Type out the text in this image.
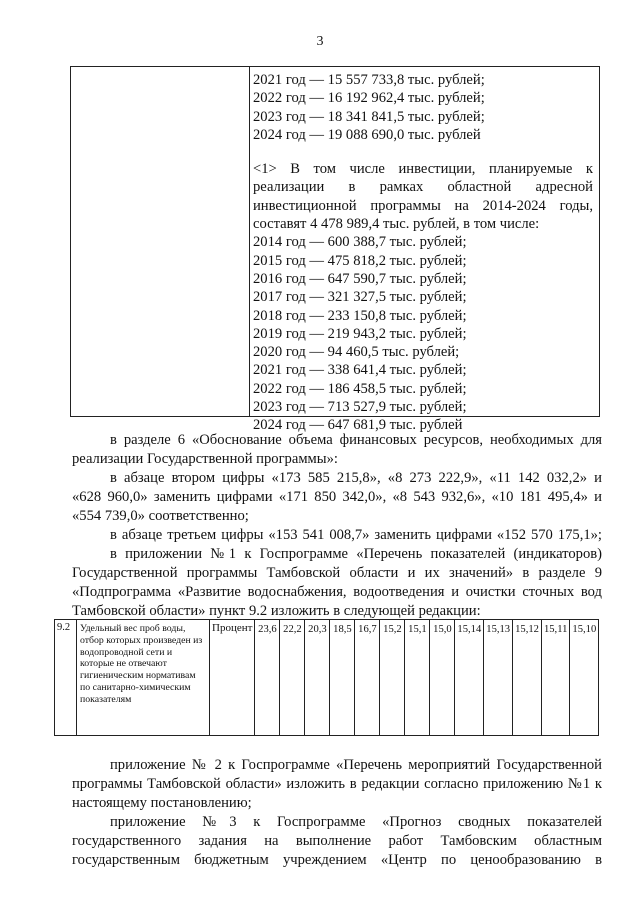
3
2021 год — 15 557 733,8 тыс. рублей;
2022 год — 16 192 962,4 тыс. рублей;
2023 год — 18 341 841,5 тыс. рублей;
2024 год — 19 088 690,0 тыс. рублей
<1> В том числе инвестиции, планируемые к
реализации в рамках областной адресной
инвестиционной программы на 2014-2024 годы,
составят 4 478 989,4 тыс. рублей, в том числе:
2014 год — 600 388,7 тыс. рублей;
2015 год — 475 818,2 тыс. рублей;
2016 год — 647 590,7 тыс. рублей;
2017 год — 321 327,5 тыс. рублей;
2018 год — 233 150,8 тыс. рублей;
2019 год — 219 943,2 тыс. рублей;
2020 год — 94 460,5 тыс. рублей;
2021 год — 338 641,4 тыс. рублей;
2022 год — 186 458,5 тыс. рублей;
2023 год — 713 527,9 тыс. рублей;
2024 год — 647 681,9 тыс. рублей
в разделе 6 «Обоснование объема финансовых ресурсов, необходимых для
реализации Государственной программы»:
в абзаце втором цифры «173 585 215,8», «8 273 222,9», «11 142 032,2» и
«628 960,0» заменить цифрами «171 850 342,0», «8 543 932,6», «10 181 495,4» и
«554 739,0» соответственно;
в абзаце третьем цифры «153 541 008,7» заменить цифрами «152 570 175,1»;
в приложении №1 к Госпрограмме «Перечень показателей (индикаторов)
Государственной программы Тамбовской области и их значений» в разделе 9
«Подпрограмма «Развитие водоснабжения, водоотведения и очистки сточных вод
Тамбовской области» пункт 9.2 изложить в следующей редакции:
9.2	Удельный вес проб воды, отбор которых произведен из водопроводной сети и которые не отвечают гигиеническим нормативам по санитарно-химическим показателям	Процент	23,6	22,2	20,3	18,5	16,7	15,2	15,1	15,0	15,14	15,13	15,12	15,11	15,10
приложение № 2 к Госпрограмме «Перечень мероприятий Государственной
программы Тамбовской области» изложить в редакции согласно приложению №1 к
настоящему постановлению;
приложение №3 к Госпрограмме «Прогноз сводных показателей
государственного задания на выполнение работ Тамбовским областным
государственным бюджетным учреждением «Центр по ценообразованию в
